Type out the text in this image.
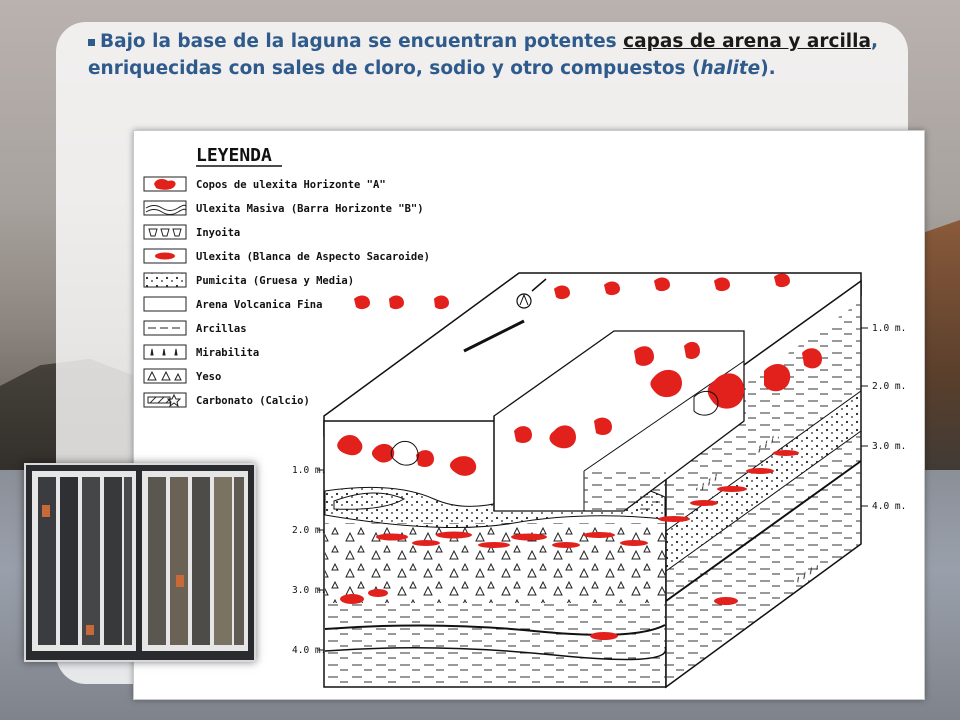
Bajo la base de la laguna se encuentran potentes capas de arena y arcilla, enriquecidas con sales de cloro, sodio y otro compuestos (halite).
LEYENDA
Copos de ulexita Horizonte "A"
Ulexita Masiva (Barra Horizonte "B")
Inyoita
Ulexita (Blanca de Aspecto Sacaroide)
Pumicita (Gruesa y Media)
Arena Volcanica Fina
Arcillas
Mirabilita
Yeso
Carbonato (Calcio)
1.0 m.
2.0 m.
3.0 m.
4.0 m.
1.0 m.
2.0 m.
3.0 m.
4.0 m.
